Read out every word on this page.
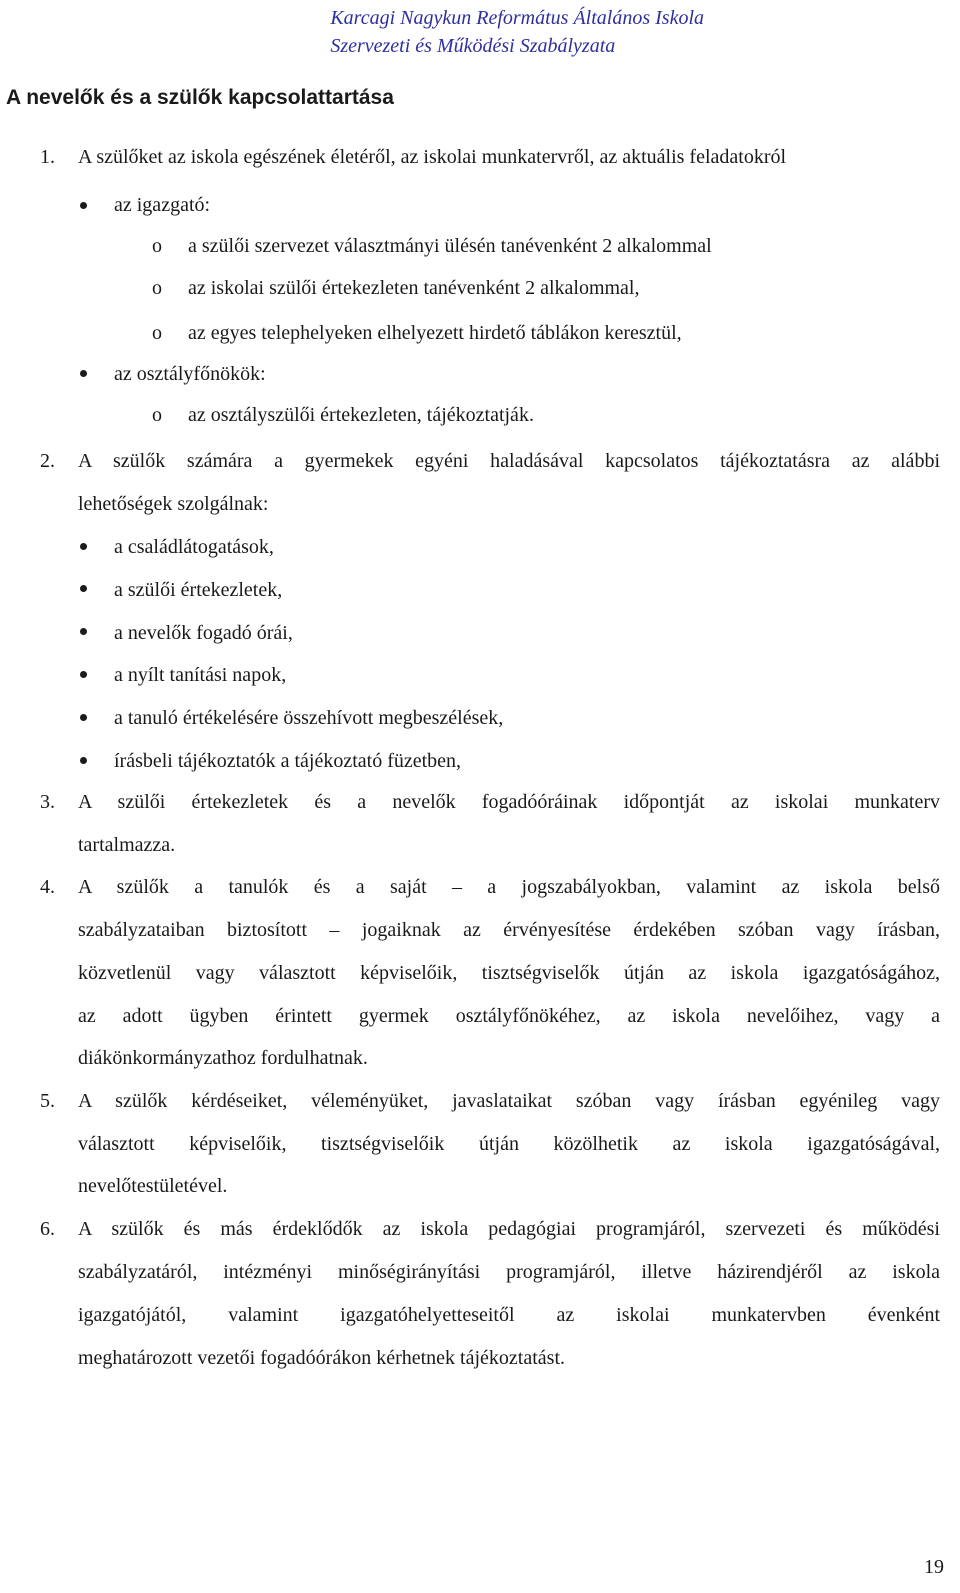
Karcagi Nagykun Református Általános Iskola
Szervezeti és Működési Szabályzata
A nevelők és a szülők kapcsolattartása
1. A szülőket az iskola egészének életéről, az iskolai munkatervről, az aktuális feladatokról
az igazgató:
o a szülői szervezet választmányi ülésén tanévenként 2 alkalommal
o az iskolai szülői értekezleten tanévenként 2 alkalommal,
o az egyes telephelyeken elhelyezett hirdető táblákon keresztül,
az osztályfőnökök:
o az osztályszülői értekezleten, tájékoztatják.
2. A szülők számára a gyermekek egyéni haladásával kapcsolatos tájékoztatásra az alábbi
lehetőségek szolgálnak:
a családlátogatások,
a szülői értekezletek,
a nevelők fogadó órái,
a nyílt tanítási napok,
a tanuló értékelésére összehívott megbeszélések,
írásbeli tájékoztatók a tájékoztató füzetben,
3. A szülői értekezletek és a nevelők fogadóóráinak időpontját az iskolai munkaterv
tartalmazza.
4. A szülők a tanulók és a saját – a jogszabályokban, valamint az iskola belső
szabályzataiban biztosított – jogaiknak az érvényesítése érdekében szóban vagy írásban,
közvetlenül vagy választott képviselőik, tisztségviselők útján az iskola igazgatóságához,
az adott ügyben érintett gyermek osztályfőnökéhez, az iskola nevelőihez, vagy a
diákönkormányzathoz fordulhatnak.
5. A szülők kérdéseiket, véleményüket, javaslataikat szóban vagy írásban egyénileg vagy
választott képviselőik, tisztségviselőik útján közölhetik az iskola igazgatóságával,
nevelőtestületével.
6. A szülők és más érdeklődők az iskola pedagógiai programjáról, szervezeti és működési
szabályzatáról, intézményi minőségirányítási programjáról, illetve házirendjéről az iskola
igazgatójától, valamint igazgatóhelyetteseitől az iskolai munkatervben évenként
meghatározott vezetői fogadóórákon kérhetnek tájékoztatást.
19
